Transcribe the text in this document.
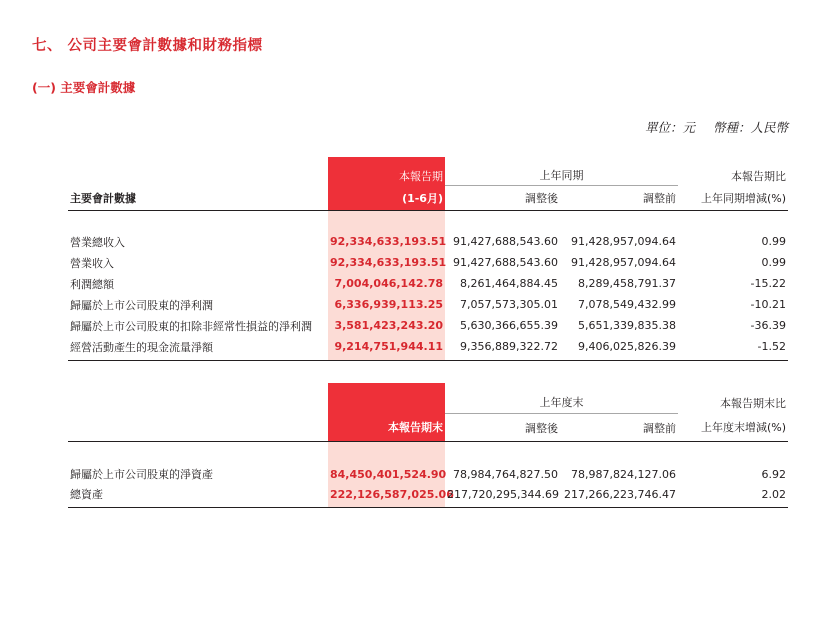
七、 公司主要會計數據和財務指標
(一) 主要會計數據
單位：元 幣種：人民幣
	本報告期	上年同期		本報告期比
主要會計數據	(1-6月)	調整後	調整前	上年同期增減(%)

營業總收入	92,334,633,193.51	91,427,688,543.60	91,428,957,094.64	0.99
營業收入	92,334,633,193.51	91,427,688,543.60	91,428,957,094.64	0.99
利潤總額	7,004,046,142.78	8,261,464,884.45	8,289,458,791.37	-15.22
歸屬於上市公司股東的淨利潤	6,336,939,113.25	7,057,573,305.01	7,078,549,432.99	-10.21
歸屬於上市公司股東的扣除非經常性損益的淨利潤	3,581,423,243.20	5,630,366,655.39	5,651,339,835.38	-36.39
經營活動產生的現金流量淨額	9,214,751,944.11	9,356,889,322.72	9,406,025,826.39	-1.52

		上年度末		本報告期末比
	本報告期末	調整後	調整前	上年度末增減(%)

歸屬於上市公司股東的淨資產	84,450,401,524.90	78,984,764,827.50	78,987,824,127.06	6.92
總資產	222,126,587,025.06	217,720,295,344.69	217,266,223,746.47	2.02
